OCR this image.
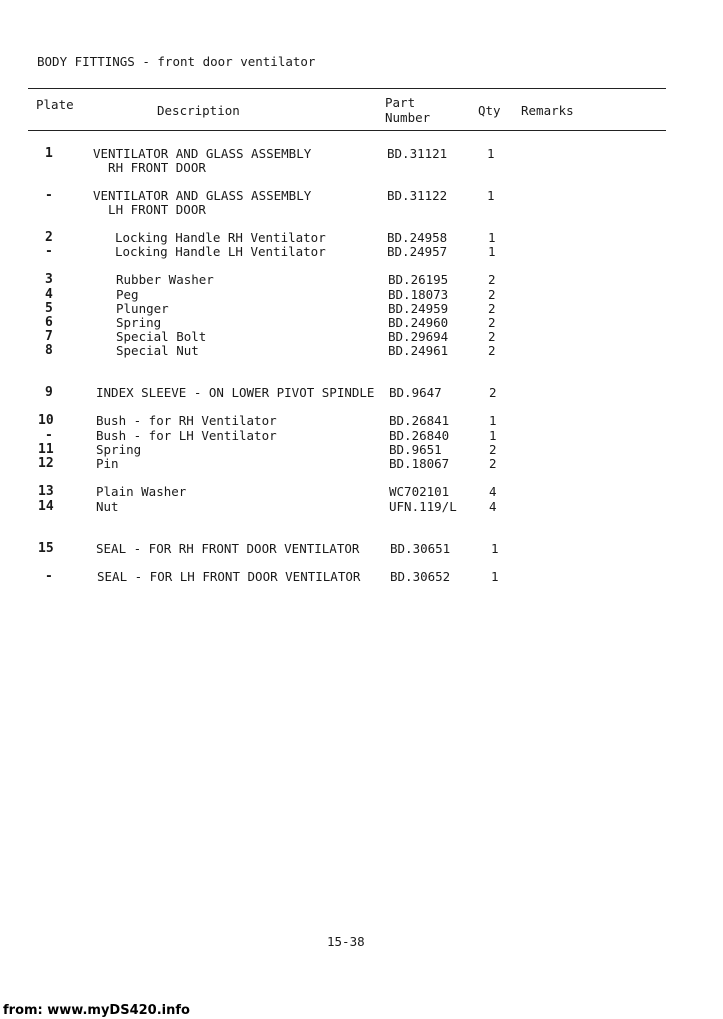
BODY FITTINGS - front door ventilator
Plate	Description
Part
Number	Qty Remarks
1	VENTILATOR AND GLASS ASSEMBLY	BD.31121	1
RH FRONT DOOR
-	VENTILATOR AND GLASS ASSEMBLY	BD.31122	1
LH FRONT DOOR
2	Locking Handle RH Ventilator	BD.24958	1
-	Locking Handle LH Ventilator	BD.24957	1
3	Rubber Washer	BD.26195	2
4	Peg	BD.18073	2
5	Plunger	BD.24959	2
6	Spring	BD.24960	2
7	Special Bolt	BD.29694	2
8	Special Nut	BD.24961	2
9	INDEX SLEEVE - ON LOWER PIVOT SPINDLE BD.9647	2
10	Bush - for RH Ventilator	BD.26841	1
-	Bush - for LH Ventilator	BD.26840	1
11	Spring	BD.9651	2
12	Pin	BD.18067	2
13	Plain Washer	WC702101	4
14	Nut	UFN.119/L	4
15	SEAL - FOR RH FRONT DOOR VENTILATOR BD.30651	1
-	SEAL - FOR LH FRONT DOOR VENTILATOR BD.30652	1
15-38
from: www.myDS420.info
